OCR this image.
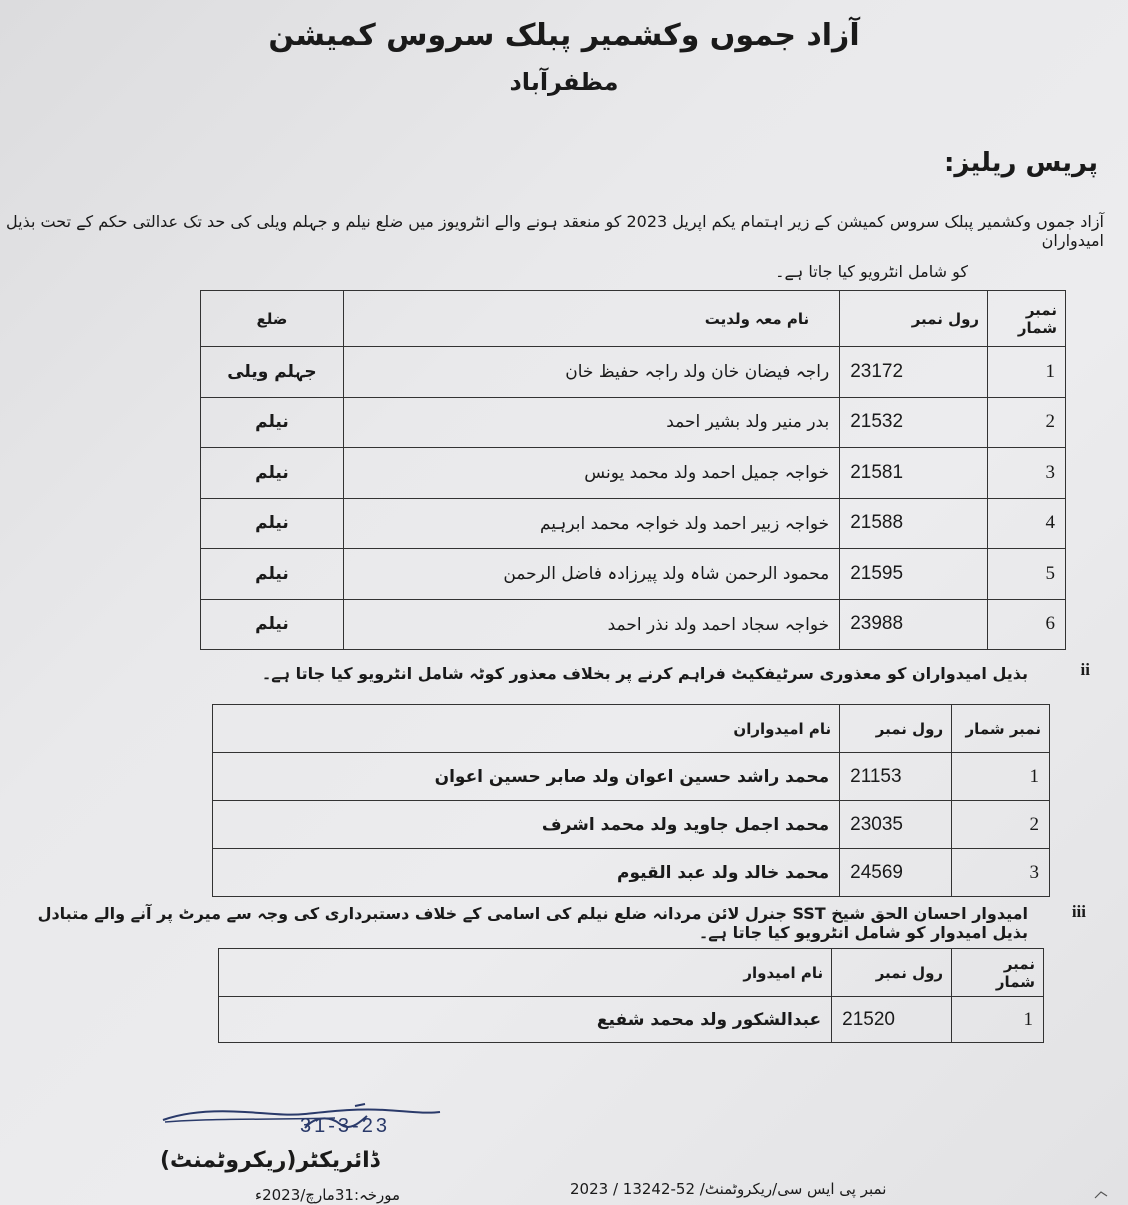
آزاد جموں وکشمیر پبلک سروس کمیشن
مظفرآباد
پریس ریلیز:
آزاد جموں وکشمیر پبلک سروس کمیشن کے زیر اہتمام یکم اپریل 2023 کو منعقد ہونے والے انٹرویوز میں ضلع نیلم و جہلم ویلی کی حد تک عدالتی حکم کے تحت بذیل امیدواران
کو شامل انٹرویو کیا جاتا ہے۔
نمبر شمار	رول نمبر	نام معہ ولدیت	ضلع
1	23172	راجہ فیضان خان ولد راجہ حفیظ خان	جہلم ویلی
2	21532	بدر منیر ولد بشیر احمد	نیلم
3	21581	خواجہ جمیل احمد ولد محمد یونس	نیلم
4	21588	خواجہ زبیر احمد ولد خواجہ محمد ابرہیم	نیلم
5	21595	محمود الرحمن شاہ ولد پیرزادہ فاضل الرحمن	نیلم
6	23988	خواجہ سجاد احمد ولد نذر احمد	نیلم
ii
بذیل امیدواران کو معذوری سرٹیفکیٹ فراہم کرنے پر بخلاف معذور کوٹہ شامل انٹرویو کیا جاتا ہے۔
نمبر شمار	رول نمبر	نام امیدواران
1	21153	محمد راشد حسین اعوان ولد صابر حسین اعوان
2	23035	محمد اجمل جاوید ولد محمد اشرف
3	24569	محمد خالد ولد عبد القیوم
iii
امیدوار احسان الحق شیخ SST جنرل لائن مردانہ ضلع نیلم کی اسامی کے خلاف دستبرداری کی وجہ سے میرٹ پر آنے والے متبادل بذیل امیدوار کو شامل انٹرویو کیا جاتا ہے۔
نمبر شمار	رول نمبر	نام امیدوار
1	21520	عبدالشکور ولد محمد شفیع
31-3-23
ڈائریکٹر(ریکروٹمنٹ)
نمبر پی ایس سی/ریکروٹمنٹ/ 52-13242 / 2023
مورخہ:31مارچ/2023ء
